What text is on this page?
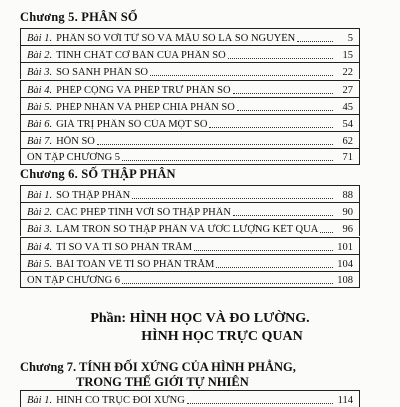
Chương 5. PHÂN SỐ
Bài 1. PHÂN SỐ VỚI TỬ SỐ VÀ MẪU SỐ LÀ SỐ NGUYÊN	5
Bài 2. TÍNH CHẤT CƠ BẢN CỦA PHÂN SỐ	15
Bài 3. SO SÁNH PHÂN SỐ	22
Bài 4. PHÉP CỘNG VÀ PHÉP TRỪ PHÂN SỐ	27
Bài 5. PHÉP NHÂN VÀ PHÉP CHIA PHÂN SỐ	45
Bài 6. GIÁ TRỊ PHÂN SỐ CỦA MỘT SỐ	54
Bài 7. HỖN SỐ	62
ÔN TẬP CHƯƠNG 5	71
Chương 6. SỐ THẬP PHÂN
Bài 1. SỐ THẬP PHÂN	88
Bài 2. CÁC PHÉP TÍNH VỚI SỐ THẬP PHÂN	90
Bài 3. LÀM TRÒN SỐ THẬP PHÂN VÀ ƯỚC LƯỢNG KẾT QUẢ	96
Bài 4. TỈ SỐ VÀ TỈ SỐ PHẦN TRĂM	101
Bài 5. BÀI TOÁN VỀ TỈ SỐ PHẦN TRĂM	104
ÔN TẬP CHƯƠNG 6	108
Phần: HÌNH HỌC VÀ ĐO LƯỜNG.
HÌNH HỌC TRỰC QUAN
Chương 7. TÍNH ĐỐI XỨNG CỦA HÌNH PHẲNG,
TRONG THẾ GIỚI TỰ NHIÊN
Bài 1. HÌNH CÓ TRỤC ĐỐI XỨNG	114
